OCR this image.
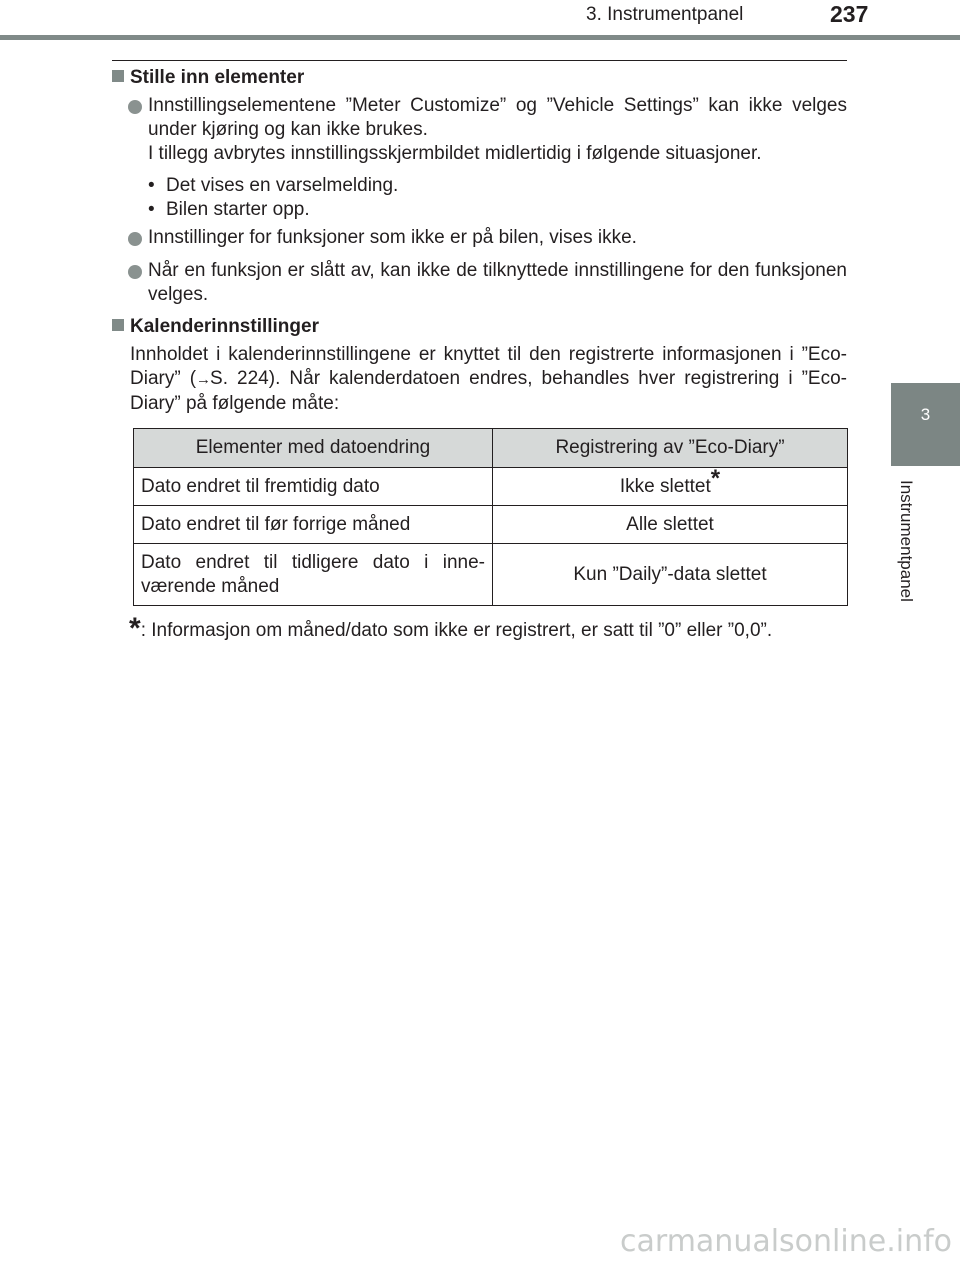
3. Instrumentpanel	237
3
Instrumentpanel

Stille inn elementer

Innstillingselementene ”Meter Customize” og ”Vehicle Settings” kan ikke velges under kjøring og kan ikke brukes.

I tillegg avbrytes innstillingsskjermbildet midlertidig i følgende situasjoner.

• Det vises en varselmelding.

• Bilen starter opp.

Innstillinger for funksjoner som ikke er på bilen, vises ikke.

Når en funksjon er slått av, kan ikke de tilknyttede innstillingene for den funksjonen velges.

Kalenderinnstillinger

Innholdet i kalenderinnstillingene er knyttet til den registrerte informasjonen i ”Eco-Diary” (→S. 224). Når kalenderdatoen endres, behandles hver registrering i ”Eco-Diary” på følgende måte:

Elementer med datoendring	Registrering av ”Eco-Diary”
Dato endret til fremtidig dato	Ikke slettet*
Dato endret til før forrige måned	Alle slettet

Dato endret til tidligere dato i inne-
værende måned	Kun ”Daily”-data slettet
*: Informasjon om måned/dato som ikke er registrert, er satt til ”0” eller ”0,0”.
carmanualsonline.info
